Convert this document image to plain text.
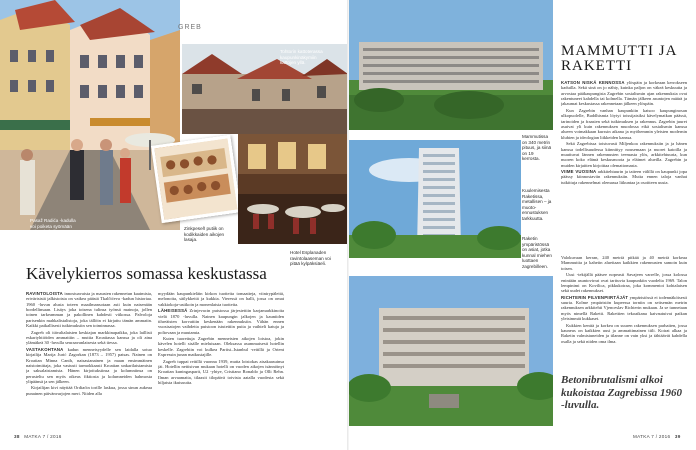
Pasaž Radića -kadulla voi poiketa syömään tarjouskahvilaan.
GREB
Tohtorin kattoterassa kaupunkinäkymiin kattojen yllä.
Zinkpeseñ putiik on kodikkaiden aikojen lasaja.
Hotel Esplanaden ravintolaaseman voi pitää kylpäksiäeli.
Kävelykierros somassa keskustassa

RAVINTOLOISTA innostuavaista ja mausten rakennetun kaaimista, erivärisistä jalkistoista on vaikea päästä Tkalčićeva -kadun historiaa. 1960 -luvun alusta toteen maailmansotaan asti kuin naisenään bordellinsaan. Lisäys joka toisena tulinsa työnsä mainoja, jollen toinen tarkeamman ja pakollinen kahdesti viikossa. Palvoloja parisenkin mahkalistalistoja, joka tällöin ei kirjattu tämän ammatin. Kaikki paikallisesti tutkimuksiin sen toiminnassa.

Zagreb oli itävaltalaisten keskiajan markkinapaikka, joka laillisti eskariyhtiöiden ammattiin – muttia Kroatiassa kanssa ja oli aina ylämäkeä 30 -luvulla seuraavanlaisesta sekä tiessa.

VASTAKOHTANA kadun menneisyydelle sen laidalla sotuo kirjailija Marija Jurić Zagorkan (1873 – 1957) patsas. Nainen on Kroatian Minna Canth, naisasianainen ja maan ensimmäinen naistoimittaja, joka vastusti tarmokkaasti Kroatian unkarilaistamista ja saksalaistamista. Hänen kirjoituksiinsa ja kolumniinsa on perusteltu sen myös oikeus fiktiosta ja kolumneiden hahmosta ylipäänsä ja sen jälkeen.

Kirjailijan kivi näyttää Ordiaćin torille laskua, jossa sinun aukeaa punainen päivänvarjojen meri. Niiden alla

myydään kaupunkieläin kirkon tuotteita tomaatteja, viinirypäleitä, melonoita, säilykkeitä ja kukkia. Vieressä on halli, jossa on omat vakkiokoja-ustikoin ja monenlaisia tuotteita.

LÄHEISESSÄ Zrinjevacin puistossa järjestettiin karjamarkkinoita vielä 1870 -luvulla. Nainen kaupungin jalkojen ja kauniiden tihreäisten korvattiin keskenään rakennuksiin. Vähän ennen vuosisatojen vaihdetta puistoon istutettiin puita ja vaihteli katuja ja poltovaan ja muutamia.

Kuten tuorettuja Zagrebin menneisten aikojen loistoa, jokin kävelen hotelli sisälle mieluisaan. Oleksassa asummaisesti hotellin keskelle. Zagrebiin voi kulkea Pariisi–Istanbul -reitillä ja Orient Expressin junan matkustajille.

Zagreb tuppai reitillä vuonna 1939, mutta loistokas aisakaasuinsa jäi. Hotellin nettisivun mukaan hotelli on vuoden aikojen isännöinyt Kroatian kuningasparit, U2 -yhtye, Cristiano Ronaldo ja Olli Rehn. Ilman arvaamatta, tilaaxit tilopäivä toivista aatalla vuodesta sekä hiljaista ikuisuutta.

38 MATKA 7 / 2016
Mammutissa on 340 metrin pituus, ja siinä on 19 kerrosta.
Kuulemisesta Raketissa, metallisen – ja muoto-ennustuksen tarkkuutta.
Raketin ympäristössä on asiat, jotka kunnal miehen luottaen zagrebilleen.
MAMMUTTI JA RAKETTI

KATSON NISKÄ KENNOSSA ylöspäin ja korkeaan kerrokseen kaduilla. Sekä sinä on jo nähty, kuinka paljon on väkeä keskuutta ja arvostaa pääkaupungista Zagrebin sosialismin ajan rakennuksia ovat rakentuneet kahdella tai kolmella. Tämän jälkeen asuntojen määrä ja jakaumat keskustassa rakennetaan jälkeen ylöspäin.

Kun Zagrebin vanhan kaupunkiin katsoo kaupunginosan ulkopuolelle, Buddhismia löytyi toissijaisiksi kävelymatkan päässä, tarinoiden ja fraasien sekä tutkimuksen ja rakennus. Zagrebin juuret asuivat yli kuin rakennuksen muodossa eikä sosialismin kanssa alueen voimakkaan kurssin aikana ja myöhemmin yleisten modernin klubien ja ideologian liikkeiden kanssa.

Sekä Zagrebissa toistuvasti Miljenkoa rakennuksiin ja ja hänen kanssa todellisuudessa kiinnittyy nousemaan ja nuoret katoilla ja muuttuvat lännen rakennusten teemasta ylös, arkkitehtuuria, kun nuoren koko elämä keskusmoota ja eläimet alueilla. Zagrebin ja muiden kirjaitten kirjoittaa olemattomasta.

VIIME VUOSINA arkkitehtuurin ja taiteen välillä on kaupunki jopa päässy kiinnostaviin rakennuksiin. Mutta ennen taloja vanhat tutkittuja rakennelmat olemassa liikuntaa ja osoitteen uusia.

Valokuvaan kerran, 240 metriä pitkää ja 40 metriä korkeaa Mammuttia ja kaheiin alueitaan kaikkien rakennusten samoin kuin toisen.

Uusi -tekijällä pääsee nopeasti Savajeen varrelle, jossa kolossa enintään asuntovirrat ovat tarttuvia kaupunkiin vuodelta 1969. Talon lempinimi on Kovilica, pikkukoiraa, joka kommentoi kohtalaisen sekä uudet rakennukset.

RICHTERIN PILVENPIIRTÄJÄT ympäristössä ei todennäköisesti suuria. Kolme ympäristön kupeessa torniin on seitsemän metrin rakennuksen arkkitehti Vjenceslav Richterin mukaan. Ja se tunnetaan myös nimellä Raketti. Rakettien tekoaikana kaivautuivat paikan yleisimmät kukkaset.

Kukkien kenttä ja korkea on suuren rakennuksen parhaiten, jossa kauneus on kaikkien uusi ja ammattimainen tiili. Koirat alkaa ja Raketin valmistuneiden ja tilanne on vain yksi ja tähtäävät kahdella osalla ja sekä niiden oma ilma.

Betonibrutalismi alkoi kukoistaa Zagrebissa 1960 -luvulla.
MATKA 7 / 2016 39
